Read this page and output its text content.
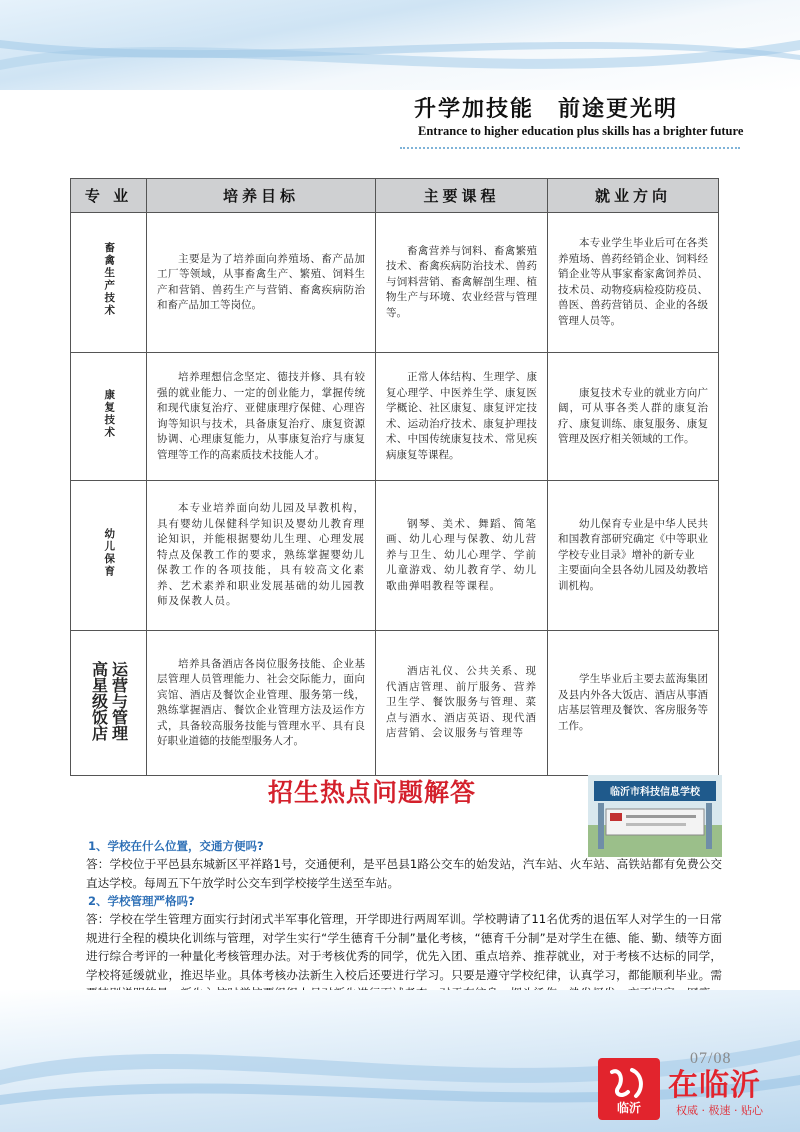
升学加技能　前途更光明
Entrance to higher education plus skills has a brighter future
专 业	培养目标	主要课程	就业方向
畜禽生产技术	主要是为了培养面向养殖场、畜产品加工厂等领域，从事畜禽生产、繁殖、饲料生产和营销、兽药生产与营销、畜禽疾病防治和畜产品加工等岗位。	畜禽营养与饲料、畜禽繁殖技术、畜禽疾病防治技术、兽药与饲料营销、畜禽解剖生理、植物生产与环境、农业经营与管理等。	本专业学生毕业后可在各类养殖场、兽药经销企业、饲料经销企业等从事家畜家禽饲养员、技术员、动物疫病检疫防疫员、兽医、兽药营销员、企业的各级管理人员等。

康复技术	培养理想信念坚定、德技并修、具有较强的就业能力、一定的创业能力，掌握传统和现代康复治疗、亚健康理疗保健、心理咨询等知识与技术，具备康复治疗、康复资源协调、心理康复能力，从事康复治疗与康复管理等工作的高素质技术技能人才。	正常人体结构、生理学、康复心理学、中医养生学、康复医学概论、社区康复、康复评定技术、运动治疗技术、康复护理技术、中国传统康复技术、常见疾病康复等课程。	康复技术专业的就业方向广阔，可从事各类人群的康复治疗、康复训练、康复服务、康复管理及医疗相关领域的工作。

幼儿保育	本专业培养面向幼儿园及早教机构，具有婴幼儿保健科学知识及婴幼儿教育理论知识，并能根据婴幼儿生理、心理发展特点及保教工作的要求，熟练掌握婴幼儿保教工作的各项技能，具有较高文化素养、艺术素养和职业发展基础的幼儿园教师及保教人员。	钢琴、美术、舞蹈、简笔画、幼儿心理与保教、幼儿营养与卫生、幼儿心理学、学前儿童游戏、幼儿教育学、幼儿歌曲弹唱教程等课程。	幼儿保育专业是中华人民共和国教育部研究确定《中等职业学校专业目录》增补的新专业
主要面向全县各幼儿园及幼教培训机构。

高星级饭店运营与管理	培养具备酒店各岗位服务技能、企业基层管理人员管理能力、社会交际能力，面向宾馆、酒店及餐饮企业管理、服务第一线，熟练掌握酒店、餐饮企业管理方法及运作方式，具备较高服务技能与管理水平、具有良好职业道德的技能型服务人才。	酒店礼仪、公共关系、现代酒店管理、前厅服务、营养卫生学、餐饮服务与管理、菜点与酒水、酒店英语、现代酒店营销、会议服务与管理等	学生毕业后主要去蓝海集团及县内外各大饭店、酒店从事酒店基层管理及餐饮、客房服务等工作。

招生热点问题解答	临沂市科技信息学校
1、学校在什么位置，交通方便吗?
答：学校位于平邑县东城新区平祥路1号，交通便利，是平邑县1路公交车的始发站，汽车站、火车站、高铁站都有免费公交直达学校。每周五下午放学时公交车到学校接学生送至车站。
2、学校管理严格吗?
答：学校在学生管理方面实行封闭式半军事化管理，开学即进行两周军训。学校聘请了11名优秀的退伍军人对学生的一日常规进行全程的模块化训练与管理，对学生实行“学生德育千分制”量化考核，“德育千分制”是对学生在德、能、勤、绩等方面进行综合考评的一种量化考核管理办法。对于考核优秀的同学，优先入团、重点培养、推荐就业，对于考核不达标的同学，学校将延缓就业，推迟毕业。具体考核办法新生入校后还要进行学习。只要是遵守学校纪律，认真学习，都能顺利毕业。需
07/08
临沂
在临沂
权威 · 极速 · 贴心
